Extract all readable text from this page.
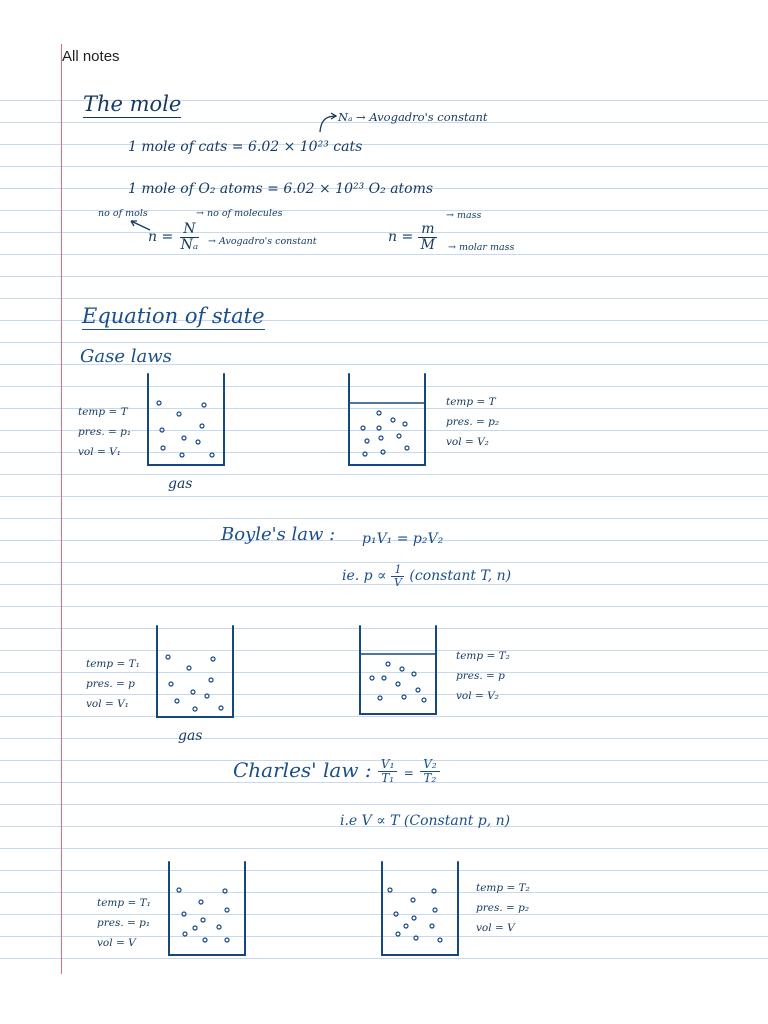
All notes
The mole
Nₐ → Avogadro's constant
1 mole of cats = 6.02 × 10²³ cats
1 mole of O₂ atoms = 6.02 × 10²³ O₂ atoms
no of mols
$n = \frac{N}{\text{Nₐ}}$
→ no of molecules
→ Avogadro's constant	$n = \frac{m}{M}$
→ mass
→ molar mass
Equation of state
Gase laws
temp = T
pres. = p₁
vol = V₁
gas
temp = T
pres. = p₂
vol = V₂
Boyle's law : p₁V₁ = p₂V₂
ie. $p \propto \frac{1}{V}$ (constant T, n)
temp = T₁
pres. = p
vol = V₁
gas
temp = T₂
pres. = p
vol = V₂
Charles' law : $\frac{\text{V₁}}{\text{T₁}} = \frac{\text{V₂}}{\text{T₂}}$
i.e V ∝ T (Constant p, n)
temp = T₁
pres. = p₁
vol = V
temp = T₂
pres. = p₂
vol = V
